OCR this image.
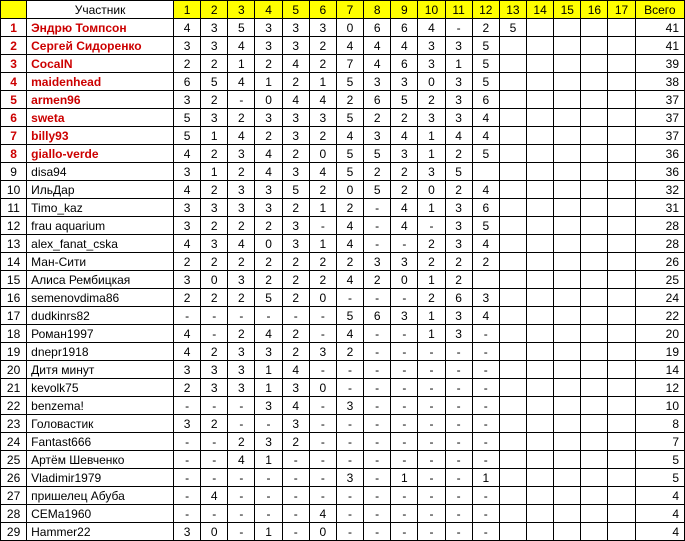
	Участник	1	2	3	4	5	6	7	8	9	10	11	12	13	14	15	16	17	Всего
1	Эндрю Томпсон	4	3	5	3	3	3	0	6	6	4	-	2	5					41
2	Сергей Сидоренко	3	3	4	3	3	2	4	4	4	3	3	5						41
3	CocaIN	2	2	1	2	4	2	7	4	6	3	1	5						39
4	maidenhead	6	5	4	1	2	1	5	3	3	0	3	5						38
5	armen96	3	2	-	0	4	4	2	6	5	2	3	6						37
6	sweta	5	3	2	3	3	3	5	2	2	3	3	4						37
7	billy93	5	1	4	2	3	2	4	3	4	1	4	4						37
8	giallo-verde	4	2	3	4	2	0	5	5	3	1	2	5						36
9	disa94	3	1	2	4	3	4	5	2	2	3	5							36
10	ИльДар	4	2	3	3	5	2	0	5	2	0	2	4						32
11	Timo_kaz	3	3	3	3	2	1	2	-	4	1	3	6						31
12	frau aquarium	3	2	2	2	3	-	4	-	4	-	3	5						28
13	alex_fanat_cska	4	3	4	0	3	1	4	-	-	2	3	4						28
14	Ман-Сити	2	2	2	2	2	2	2	3	3	2	2	2						26
15	Алиса Рембицкая	3	0	3	2	2	2	4	2	0	1	2							25
16	semenovdima86	2	2	2	5	2	0	-	-	-	2	6	3						24
17	dudkinrs82	-	-	-	-	-	-	5	6	3	1	3	4						22
18	Роман1997	4	-	2	4	2	-	4	-	-	1	3	-						20
19	dnepr1918	4	2	3	3	2	3	2	-	-	-	-	-						19
20	Дитя минут	3	3	3	1	4	-	-	-	-	-	-	-						14
21	kevolk75	2	3	3	1	3	0	-	-	-	-	-	-						12
22	benzema!	-	-	-	3	4	-	3	-	-	-	-	-						10
23	Головастик	3	2	-	-	3	-	-	-	-	-	-	-						8
24	Fantast666	-	-	2	3	2	-	-	-	-	-	-	-						7
25	Артём Шевченко	-	-	4	1	-	-	-	-	-	-	-	-						5
26	Vladimir1979	-	-	-	-	-	-	3	-	1	-	-	1						5
27	пришелец Абуба	-	4	-	-	-	-	-	-	-	-	-	-						4
28	CEMa1960	-	-	-	-	-	4	-	-	-	-	-	-						4
29	Hammer22	3	0	-	1	-	0	-	-	-	-	-	-						4
